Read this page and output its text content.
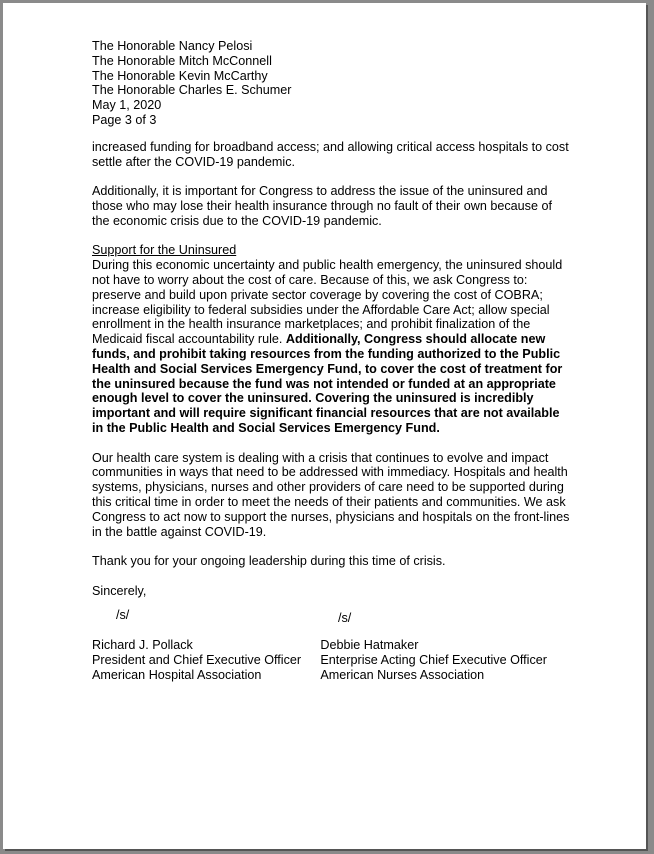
The Honorable Nancy Pelosi
The Honorable Mitch McConnell
The Honorable Kevin McCarthy
The Honorable Charles E. Schumer
May 1, 2020
Page 3 of 3

increased funding for broadband access; and allowing critical access hospitals to cost settle after the COVID-19 pandemic.

Additionally, it is important for Congress to address the issue of the uninsured and those who may lose their health insurance through no fault of their own because of the economic crisis due to the COVID-19 pandemic.

Support for the Uninsured

During this economic uncertainty and public health emergency, the uninsured should not have to worry about the cost of care. Because of this, we ask Congress to: preserve and build upon private sector coverage by covering the cost of COBRA; increase eligibility to federal subsidies under the Affordable Care Act; allow special enrollment in the health insurance marketplaces; and prohibit finalization of the Medicaid fiscal accountability rule. Additionally, Congress should allocate new funds, and prohibit taking resources from the funding authorized to the Public Health and Social Services Emergency Fund, to cover the cost of treatment for the uninsured because the fund was not intended or funded at an appropriate enough level to cover the uninsured. Covering the uninsured is incredibly important and will require significant financial resources that are not available in the Public Health and Social Services Emergency Fund.

Our health care system is dealing with a crisis that continues to evolve and impact communities in ways that need to be addressed with immediacy. Hospitals and health systems, physicians, nurses and other providers of care need to be supported during this critical time in order to meet the needs of their patients and communities. We ask Congress to act now to support the nurses, physicians and hospitals on the front-lines in the battle against COVID-19.

Thank you for your ongoing leadership during this time of crisis.

Sincerely,

/s/	/s/
Richard J. Pollack
President and Chief Executive Officer
American Hospital Association
Debbie Hatmaker
Enterprise Acting Chief Executive Officer
American Nurses Association
